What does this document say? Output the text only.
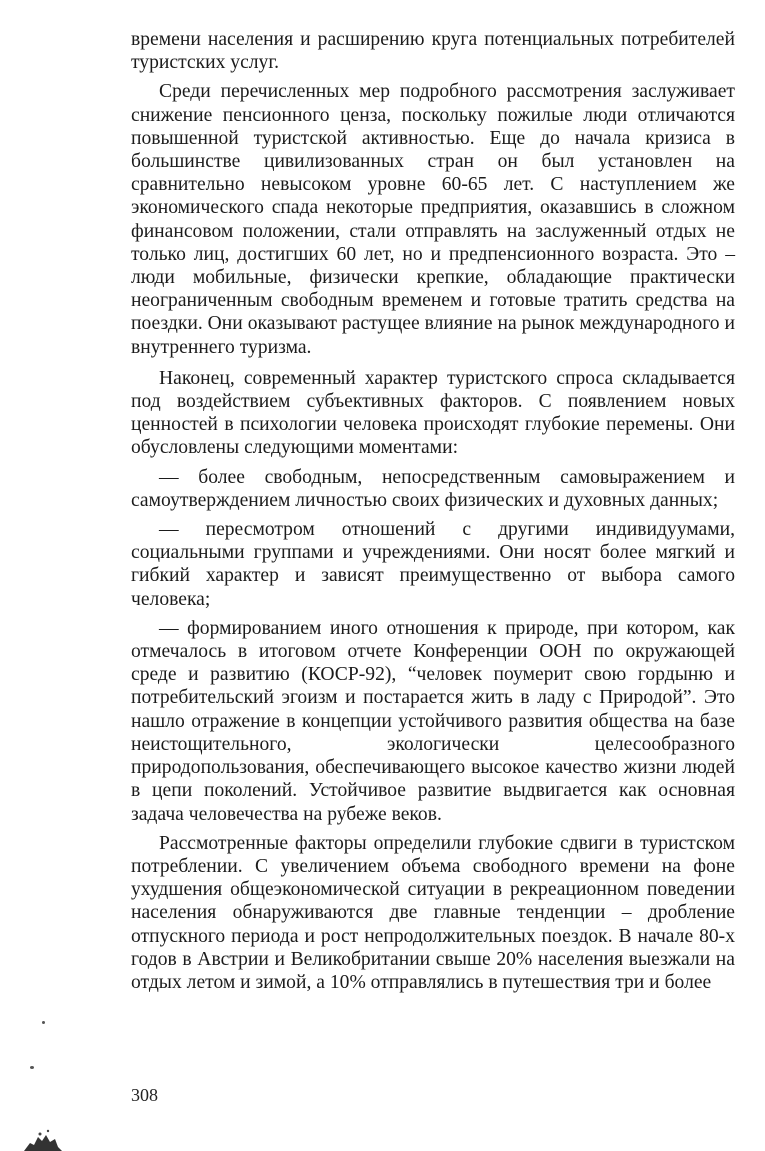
времени населения и расширению круга потенциальных потребителей туристских услуг.

Среди перечисленных мер подробного рассмотрения заслуживает снижение пенсионного ценза, поскольку пожилые люди отличаются повышенной туристской активностью. Еще до начала кризиса в большинстве цивилизованных стран он был установлен на сравнительно невысоком уровне 60-65 лет. С наступлением же экономического спада некоторые предприятия, оказавшись в сложном финансовом положении, стали отправлять на заслуженный отдых не только лиц, достигших 60 лет, но и предпенсионного возраста. Это – люди мобильные, физически крепкие, обладающие практически неограниченным свободным временем и готовые тратить средства на поездки. Они оказывают растущее влияние на рынок международного и внутреннего туризма.

Наконец, современный характер туристского спроса складывается под воздействием субъективных факторов. С появлением новых ценностей в психологии человека происходят глубокие перемены. Они обусловлены следующими моментами:

— более свободным, непосредственным самовыражением и самоутверждением личностью своих физических и духовных данных;

— пересмотром отношений с другими индивидуумами, социальными группами и учреждениями. Они носят более мягкий и гибкий характер и зависят преимущественно от выбора самого человека;

— формированием иного отношения к природе, при котором, как отмечалось в итоговом отчете Конференции ООН по окружающей среде и развитию (КОСР-92), “человек поумерит свою гордыню и потребительский эгоизм и постарается жить в ладу с Природой”. Это нашло отражение в концепции устойчивого развития общества на базе неистощительного, экологически целесообразного природопользования, обеспечивающего высокое качество жизни людей в цепи поколений. Устойчивое развитие выдвигается как основная задача человечества на рубеже веков.

Рассмотренные факторы определили глубокие сдвиги в туристском потреблении. С увеличением объема свободного времени на фоне ухудшения общеэкономической ситуации в рекреационном поведении населения обнаруживаются две главные тенденции – дробление отпускного периода и рост непродолжительных поездок. В начале 80-х годов в Австрии и Великобритании свыше 20% населения выезжали на отдых летом и зимой, а 10% отправлялись в путешествия три и более

308
